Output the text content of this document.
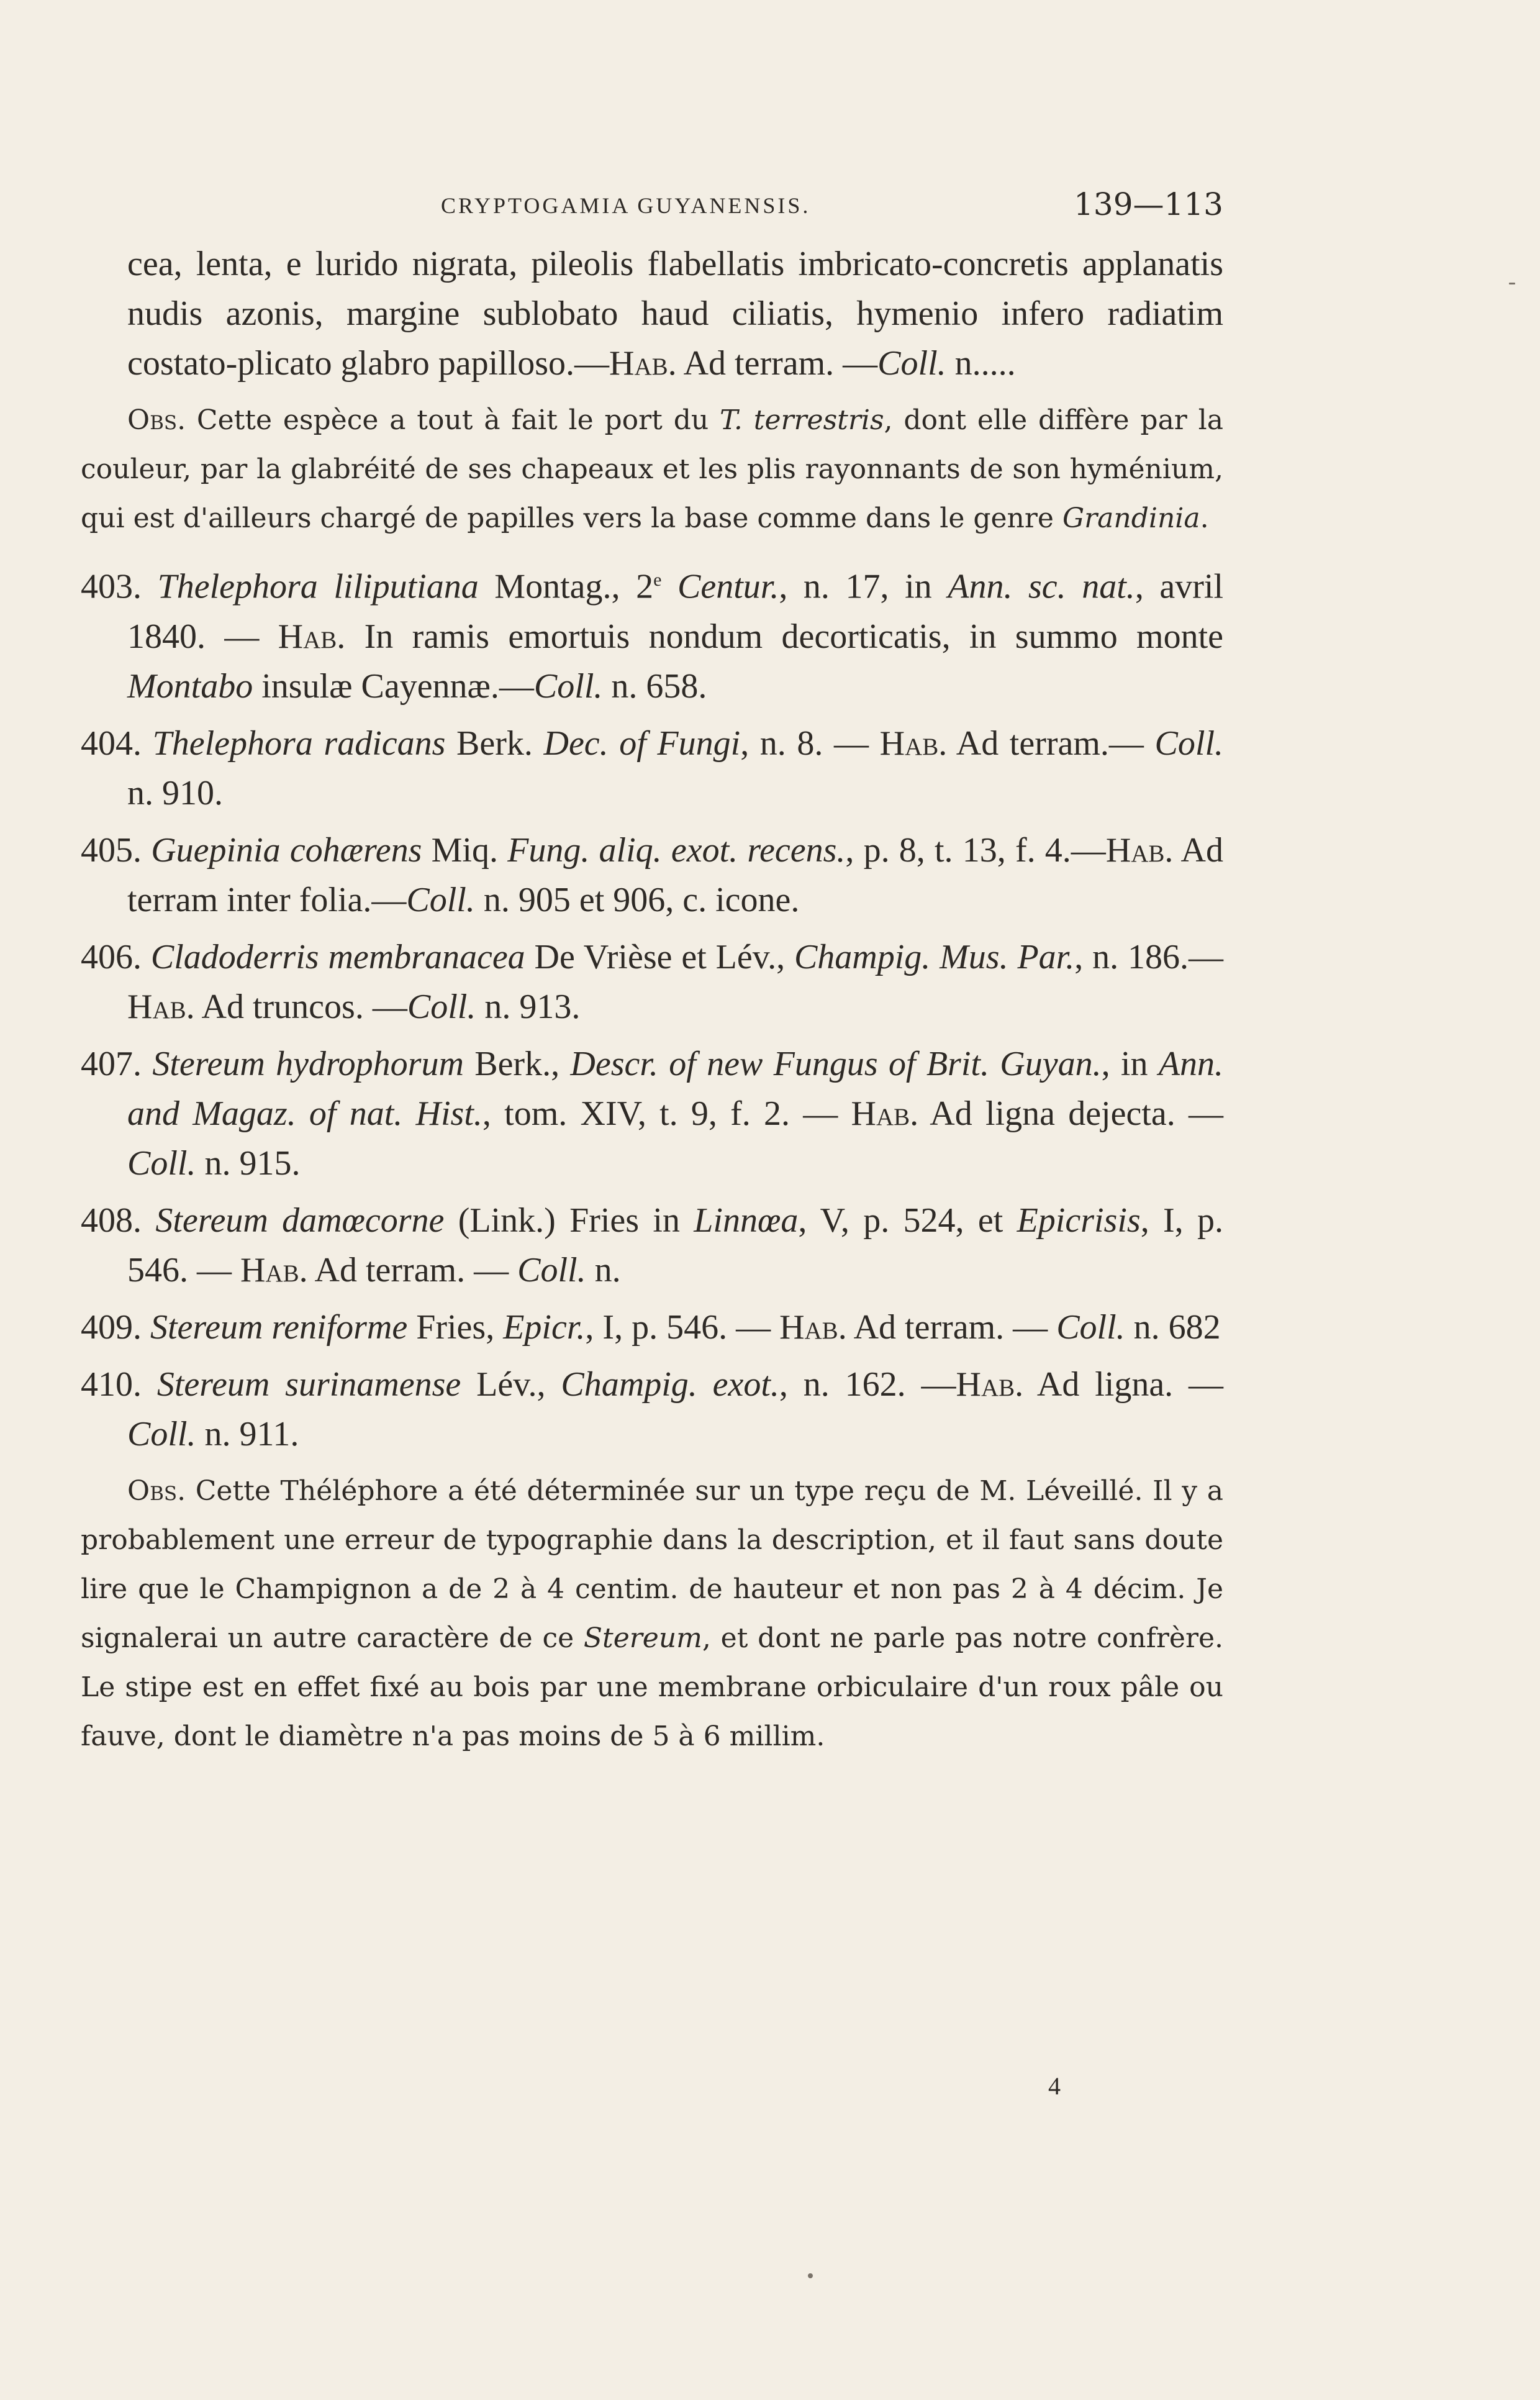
CRYPTOGAMIA GUYANENSIS.	139—113

cea, lenta, e lurido nigrata, pileolis flabellatis imbricato-concretis applanatis nudis azonis, margine sublobato haud ciliatis, hymenio infero radiatim costato-plicato glabro papilloso.—Hab. Ad terram. —Coll. n.....

Obs. Cette espèce a tout à fait le port du T. terrestris, dont elle diffère par la couleur, par la glabréité de ses chapeaux et les plis rayonnants de son hyménium, qui est d'ailleurs chargé de papilles vers la base comme dans le genre Grandinia.

403. Thelephora liliputiana Montag., 2e Centur., n. 17, in Ann. sc. nat., avril 1840. — Hab. In ramis emortuis nondum decorticatis, in summo monte Montabo insulæ Cayennæ.—Coll. n. 658.

404. Thelephora radicans Berk. Dec. of Fungi, n. 8. — Hab. Ad terram.— Coll. n. 910.

405. Guepinia cohærens Miq. Fung. aliq. exot. recens., p. 8, t. 13, f. 4.—Hab. Ad terram inter folia.—Coll. n. 905 et 906, c. icone.

406. Cladoderris membranacea De Vrièse et Lév., Champig. Mus. Par., n. 186.—Hab. Ad truncos. —Coll. n. 913.

407. Stereum hydrophorum Berk., Descr. of new Fungus of Brit. Guyan., in Ann. and Magaz. of nat. Hist., tom. XIV, t. 9, f. 2. — Hab. Ad ligna dejecta. — Coll. n. 915.

408. Stereum damœcorne (Link.) Fries in Linnœa, V, p. 524, et Epicrisis, I, p. 546. — Hab. Ad terram. — Coll. n.

409. Stereum reniforme Fries, Epicr., I, p. 546. — Hab. Ad terram. — Coll. n. 682

410. Stereum surinamense Lév., Champig. exot., n. 162. —Hab. Ad ligna. — Coll. n. 911.

Obs. Cette Théléphore a été déterminée sur un type reçu de M. Léveillé. Il y a probablement une erreur de typographie dans la description, et il faut sans doute lire que le Champignon a de 2 à 4 centim. de hauteur et non pas 2 à 4 décim. Je signalerai un autre caractère de ce Stereum, et dont ne parle pas notre confrère. Le stipe est en effet fixé au bois par une membrane orbiculaire d'un roux pâle ou fauve, dont le diamètre n'a pas moins de 5 à 6 millim.

4
